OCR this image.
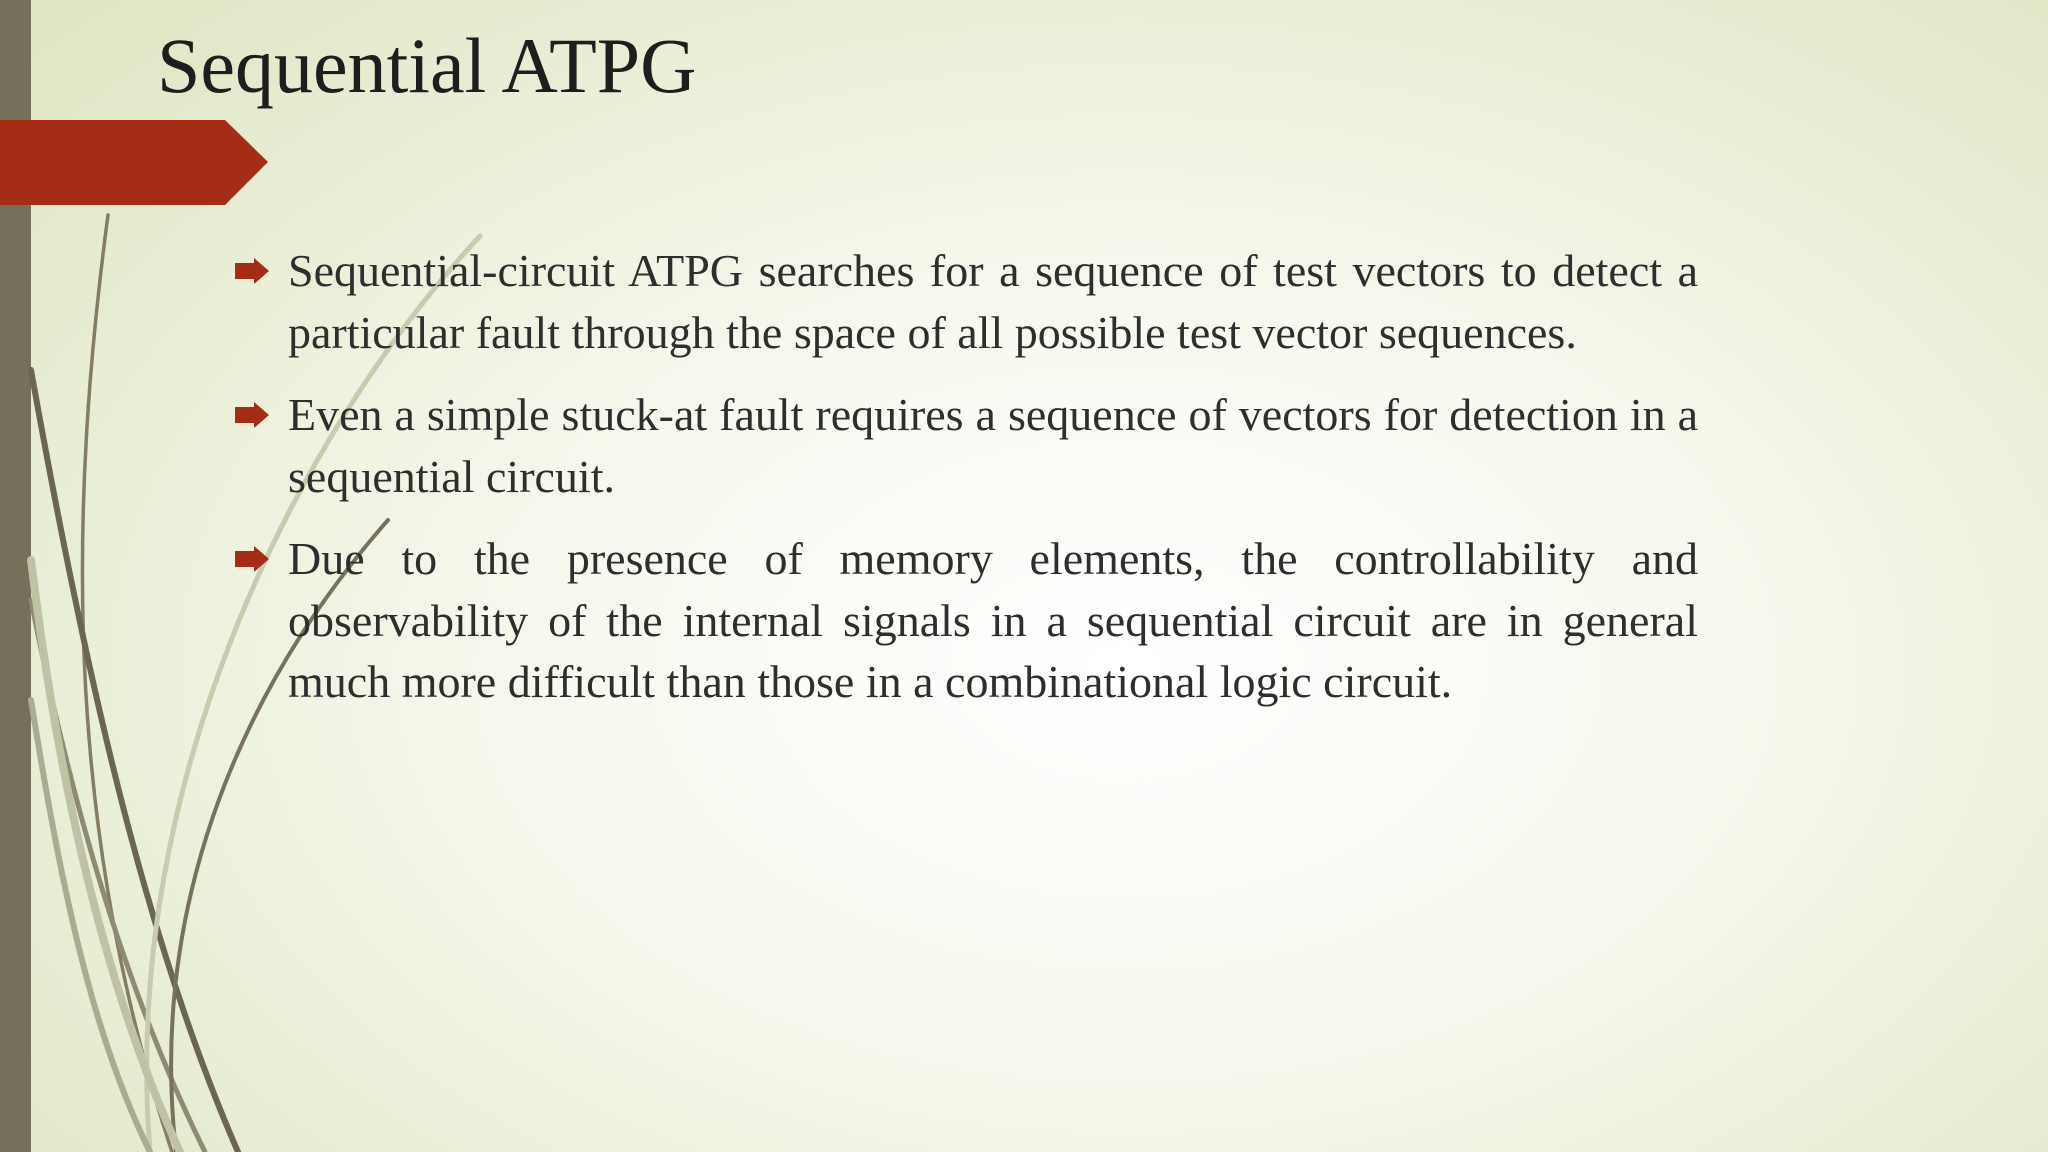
Sequential ATPG
Sequential-circuit ATPG searches for a sequence of test vectors to detect a particular fault through the space of all possible test vector sequences.
Even a simple stuck-at fault requires a sequence of vectors for detection in a sequential circuit.
Due to the presence of memory elements, the controllability and observability of the internal signals in a sequential circuit are in general much more difficult than those in a combinational logic circuit.
